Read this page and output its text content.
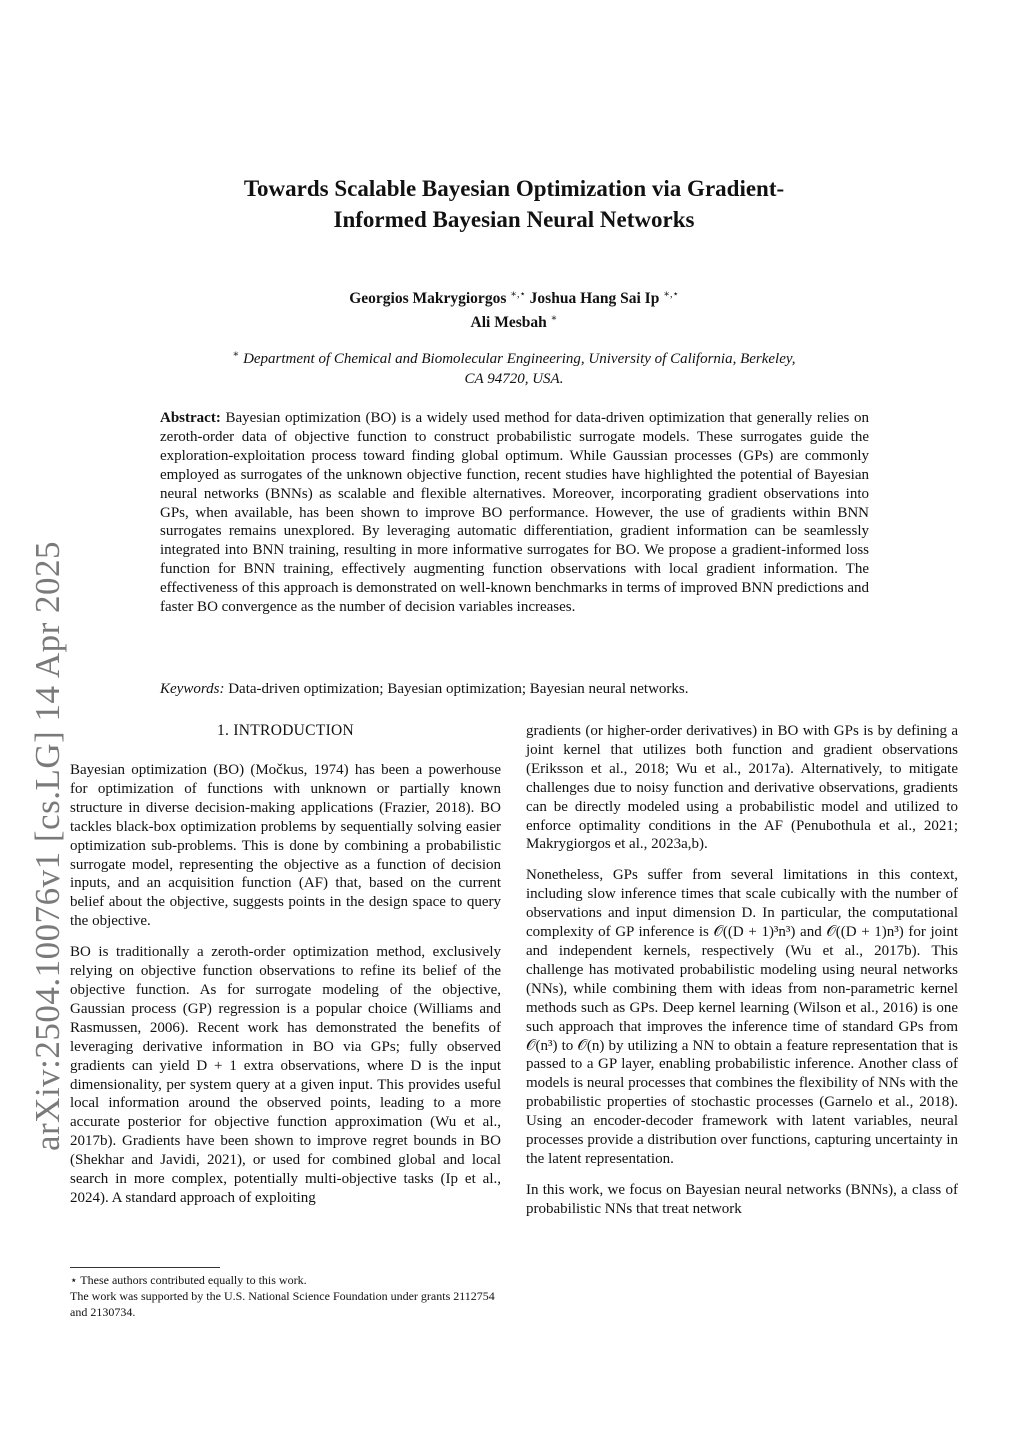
arXiv:2504.10076v1 [cs.LG] 14 Apr 2025
Towards Scalable Bayesian Optimization via Gradient-Informed Bayesian Neural Networks
Georgios Makrygiorgos ∗,⋆ Joshua Hang Sai Ip ∗,⋆
Ali Mesbah ∗
∗ Department of Chemical and Biomolecular Engineering, University of California, Berkeley, CA 94720, USA.

Abstract: Bayesian optimization (BO) is a widely used method for data-driven optimization that generally relies on zeroth-order data of objective function to construct probabilistic surrogate models. These surrogates guide the exploration-exploitation process toward finding global optimum. While Gaussian processes (GPs) are commonly employed as surrogates of the unknown objective function, recent studies have highlighted the potential of Bayesian neural networks (BNNs) as scalable and flexible alternatives. Moreover, incorporating gradient observations into GPs, when available, has been shown to improve BO performance. However, the use of gradients within BNN surrogates remains unexplored. By leveraging automatic differentiation, gradient information can be seamlessly integrated into BNN training, resulting in more informative surrogates for BO. We propose a gradient-informed loss function for BNN training, effectively augmenting function observations with local gradient information. The effectiveness of this approach is demonstrated on well-known benchmarks in terms of improved BNN predictions and faster BO convergence as the number of decision variables increases.

Keywords: Data-driven optimization; Bayesian optimization; Bayesian neural networks.

1. INTRODUCTION

Bayesian optimization (BO) (Močkus, 1974) has been a powerhouse for optimization of functions with unknown or partially known structure in diverse decision-making applications (Frazier, 2018). BO tackles black-box optimization problems by sequentially solving easier optimization sub-problems. This is done by combining a probabilistic surrogate model, representing the objective as a function of decision inputs, and an acquisition function (AF) that, based on the current belief about the objective, suggests points in the design space to query the objective.

BO is traditionally a zeroth-order optimization method, exclusively relying on objective function observations to refine its belief of the objective function. As for surrogate modeling of the objective, Gaussian process (GP) regression is a popular choice (Williams and Rasmussen, 2006). Recent work has demonstrated the benefits of leveraging derivative information in BO via GPs; fully observed gradients can yield D + 1 extra observations, where D is the input dimensionality, per system query at a given input. This provides useful local information around the observed points, leading to a more accurate posterior for objective function approximation (Wu et al., 2017b). Gradients have been shown to improve regret bounds in BO (Shekhar and Javidi, 2021), or used for combined global and local search in more complex, potentially multi-objective tasks (Ip et al., 2024). A standard approach of exploiting

gradients (or higher-order derivatives) in BO with GPs is by defining a joint kernel that utilizes both function and gradient observations (Eriksson et al., 2018; Wu et al., 2017a). Alternatively, to mitigate challenges due to noisy function and derivative observations, gradients can be directly modeled using a probabilistic model and utilized to enforce optimality conditions in the AF (Penubothula et al., 2021; Makrygiorgos et al., 2023a,b).

Nonetheless, GPs suffer from several limitations in this context, including slow inference times that scale cubically with the number of observations and input dimension D. In particular, the computational complexity of GP inference is 𝒪((D + 1)³n³) and 𝒪((D + 1)n³) for joint and independent kernels, respectively (Wu et al., 2017b). This challenge has motivated probabilistic modeling using neural networks (NNs), while combining them with ideas from non-parametric kernel methods such as GPs. Deep kernel learning (Wilson et al., 2016) is one such approach that improves the inference time of standard GPs from 𝒪(n³) to 𝒪(n) by utilizing a NN to obtain a feature representation that is passed to a GP layer, enabling probabilistic inference. Another class of models is neural processes that combines the flexibility of NNs with the probabilistic properties of stochastic processes (Garnelo et al., 2018). Using an encoder-decoder framework with latent variables, neural processes provide a distribution over functions, capturing uncertainty in the latent representation.

In this work, we focus on Bayesian neural networks (BNNs), a class of probabilistic NNs that treat network

⋆ These authors contributed equally to this work.
The work was supported by the U.S. National Science Foundation under grants 2112754 and 2130734.
